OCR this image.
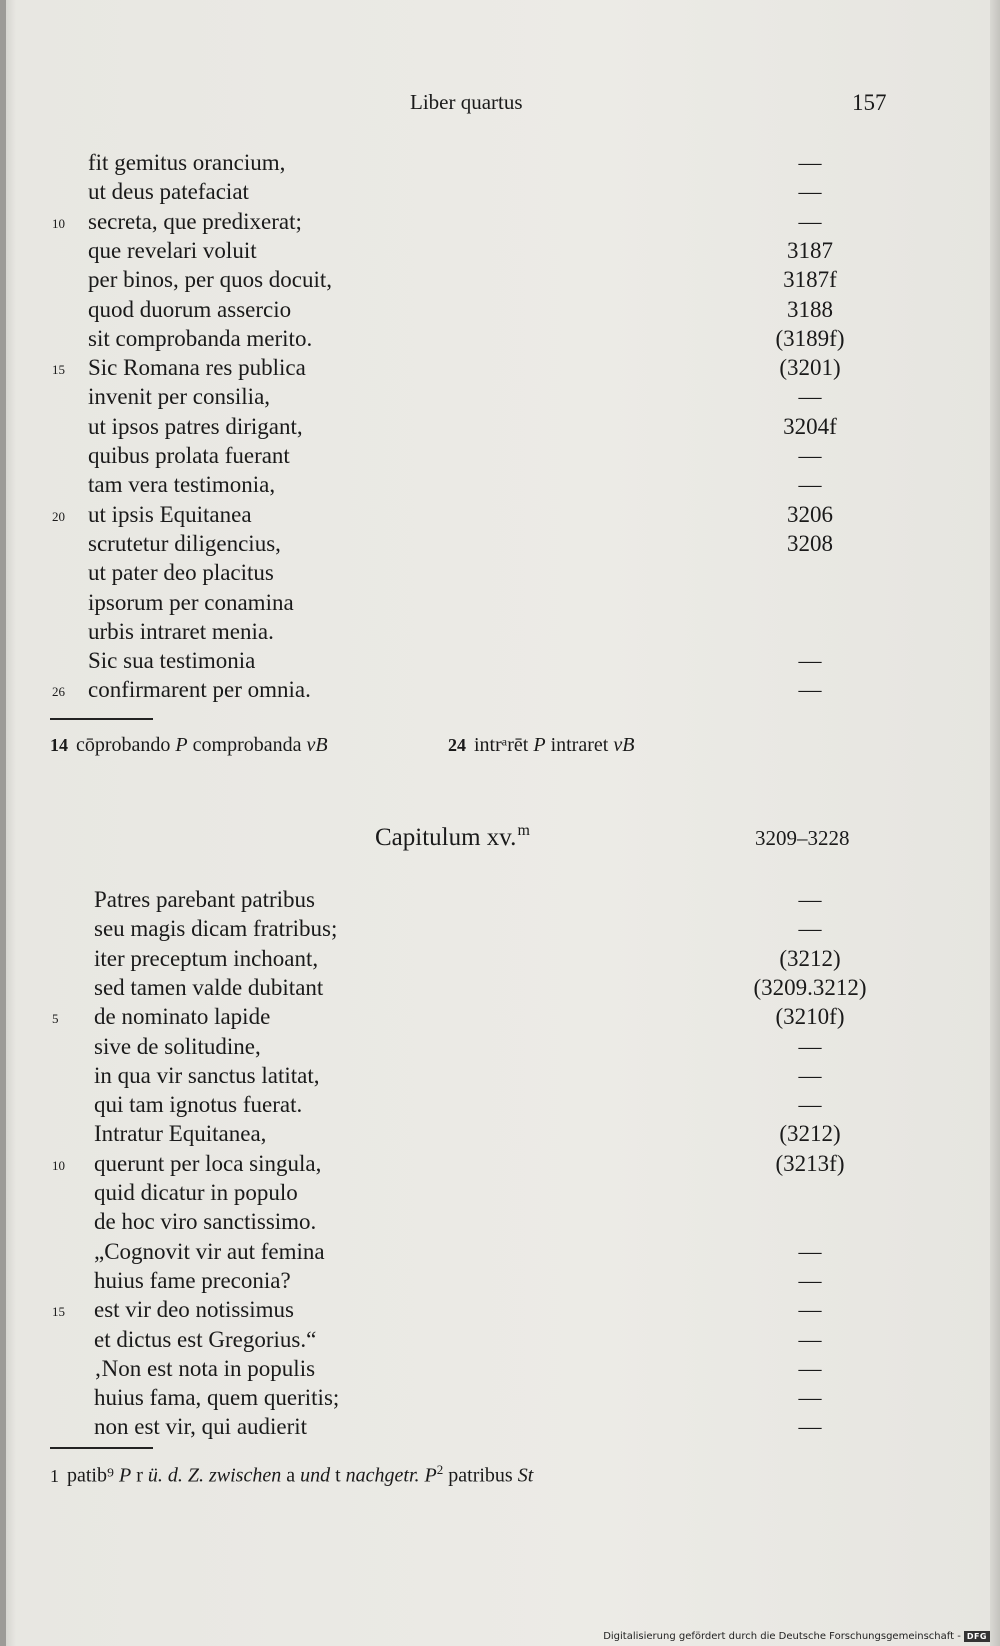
Liber quartus	157
fit gemitus orancium,	—
ut deus patefaciat	—
secreta, que predixerat;	—
10
que revelari voluit	3187
per binos, per quos docuit,	3187f
quod duorum assercio	3188
sit comprobanda merito.	(3189f)
Sic Romana res publica	(3201)
15
invenit per consilia,	—
ut ipsos patres dirigant,	3204f
quibus prolata fuerant	—
tam vera testimonia,	—
ut ipsis Equitanea	3206
20
scrutetur diligencius,	3208
ut pater deo placitus
ipsorum per conamina
urbis intraret menia.
Sic sua testimonia	—
confirmarent per omnia.	—
26
14 cōprobando P comprobanda vB	24 intrᵃrēt P intraret vB
Capitulum xv.$^m$	3209–3228
Patres parebant patribus	—
seu magis dicam fratribus;	—
iter preceptum inchoant,	(3212)
sed tamen valde dubitant	(3209.3212)
de nominato lapide	(3210f)
5
sive de solitudine,	—
in qua vir sanctus latitat,	—
qui tam ignotus fuerat.	—
Intratur Equitanea,	(3212)
querunt per loca singula,	(3213f)
10
quid dicatur in populo
de hoc viro sanctissimo.
„Cognovit vir aut femina	—
huius fame preconia?	—
est vir deo notissimus	—
15
et dictus est Gregorius.“	—
‚Non est nota in populis	—
huius fama, quem queritis;	—
non est vir, qui audierit	—
1 patib⁹ P r ü. d. Z. zwischen a und t nachgetr. $P^2$ patribus St
Digitalisierung gefördert durch die Deutsche Forschungsgemeinschaft - DFG
